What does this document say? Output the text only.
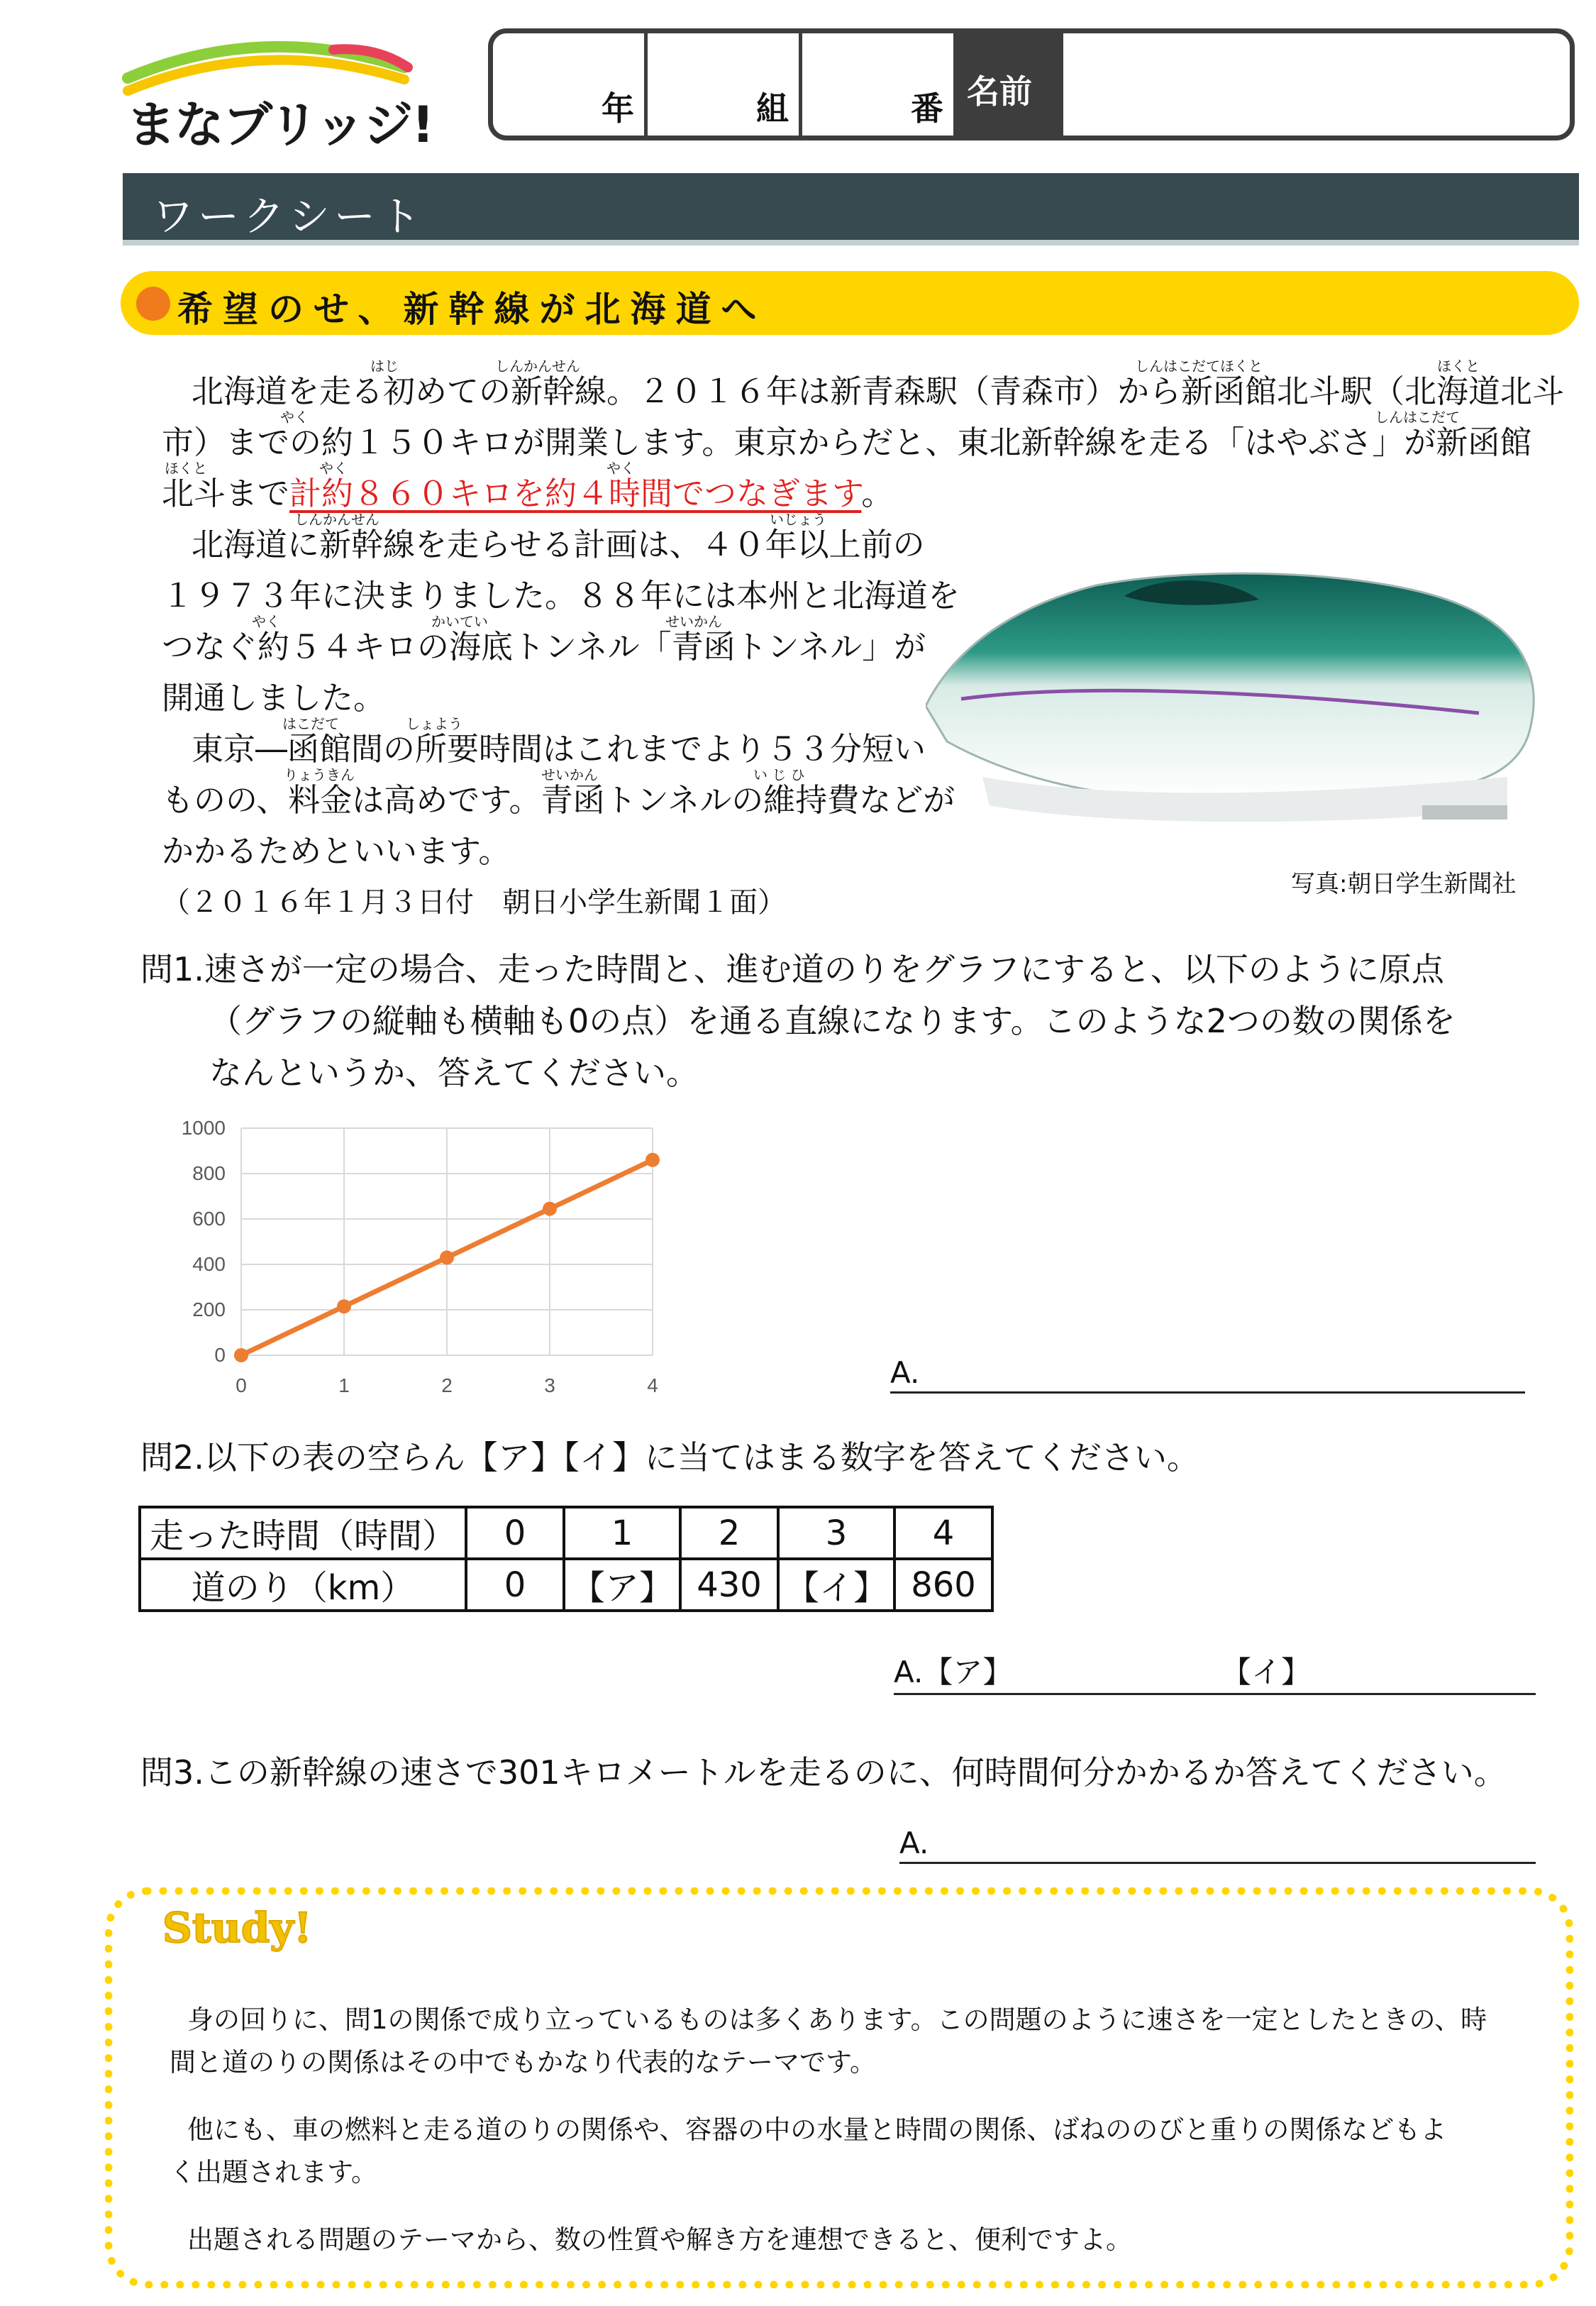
まなブリッジ!	年	組	番 名前
ワークシート
希望のせ、新幹線が北海道へ
はじ	しんかんせん	しんはこだてほくと	ほくと
やく	しんはこだて
ほくと	やく	やく
しんかんせん	いじょう
やく	かいてい	せいかん
はこだて	しょよう
りょうきん	せいかん	い じ ひ
北海道を走る初めての新幹線。２０１６年は新青森駅（青森市）から新函館北斗駅（北海道北斗
市）までの約１５０キロが開業します。東京からだと、東北新幹線を走る「はやぶさ」が新函館
北斗まで計約８６０キロを約４時間でつなぎます。
北海道に新幹線を走らせる計画は、４０年以上前の
１９７３年に決まりました。８８年には本州と北海道を
つなぐ約５４キロの海底トンネル「青函トンネル」が
開通しました。
東京―函館間の所要時間はこれまでより５３分短い
ものの、料金は高めです。青函トンネルの維持費などが
かかるためといいます。
（２０１６年１月３日付　朝日小学生新聞１面）
写真:朝日学生新聞社
問1.速さが一定の場合、走った時間と、進む道のりをグラフにすると、以下のように原点
（グラフの縦軸も横軸も0の点）を通る直線になります。このような2つの数の関係を
なんというか、答えてください。
0
200
400
600
800
1000
0	1	2	3	4	A.
問2.以下の表の空らん【ア】【イ】に当てはまる数字を答えてください。
走った時間（時間）	0	1	2	3	4
道のり（km）	0	【ア】	430	【イ】	860
A.【ア】	【イ】
問3.この新幹線の速さで301キロメートルを走るのに、何時間何分かかるか答えてください。
A.
Study!
身の回りに、問1の関係で成り立っているものは多くあります。この問題のように速さを一定としたときの、時
間と道のりの関係はその中でもかなり代表的なテーマです。
他にも、車の燃料と走る道のりの関係や、容器の中の水量と時間の関係、ばねののびと重りの関係などもよ
く出題されます。
出題される問題のテーマから、数の性質や解き方を連想できると、便利ですよ。
